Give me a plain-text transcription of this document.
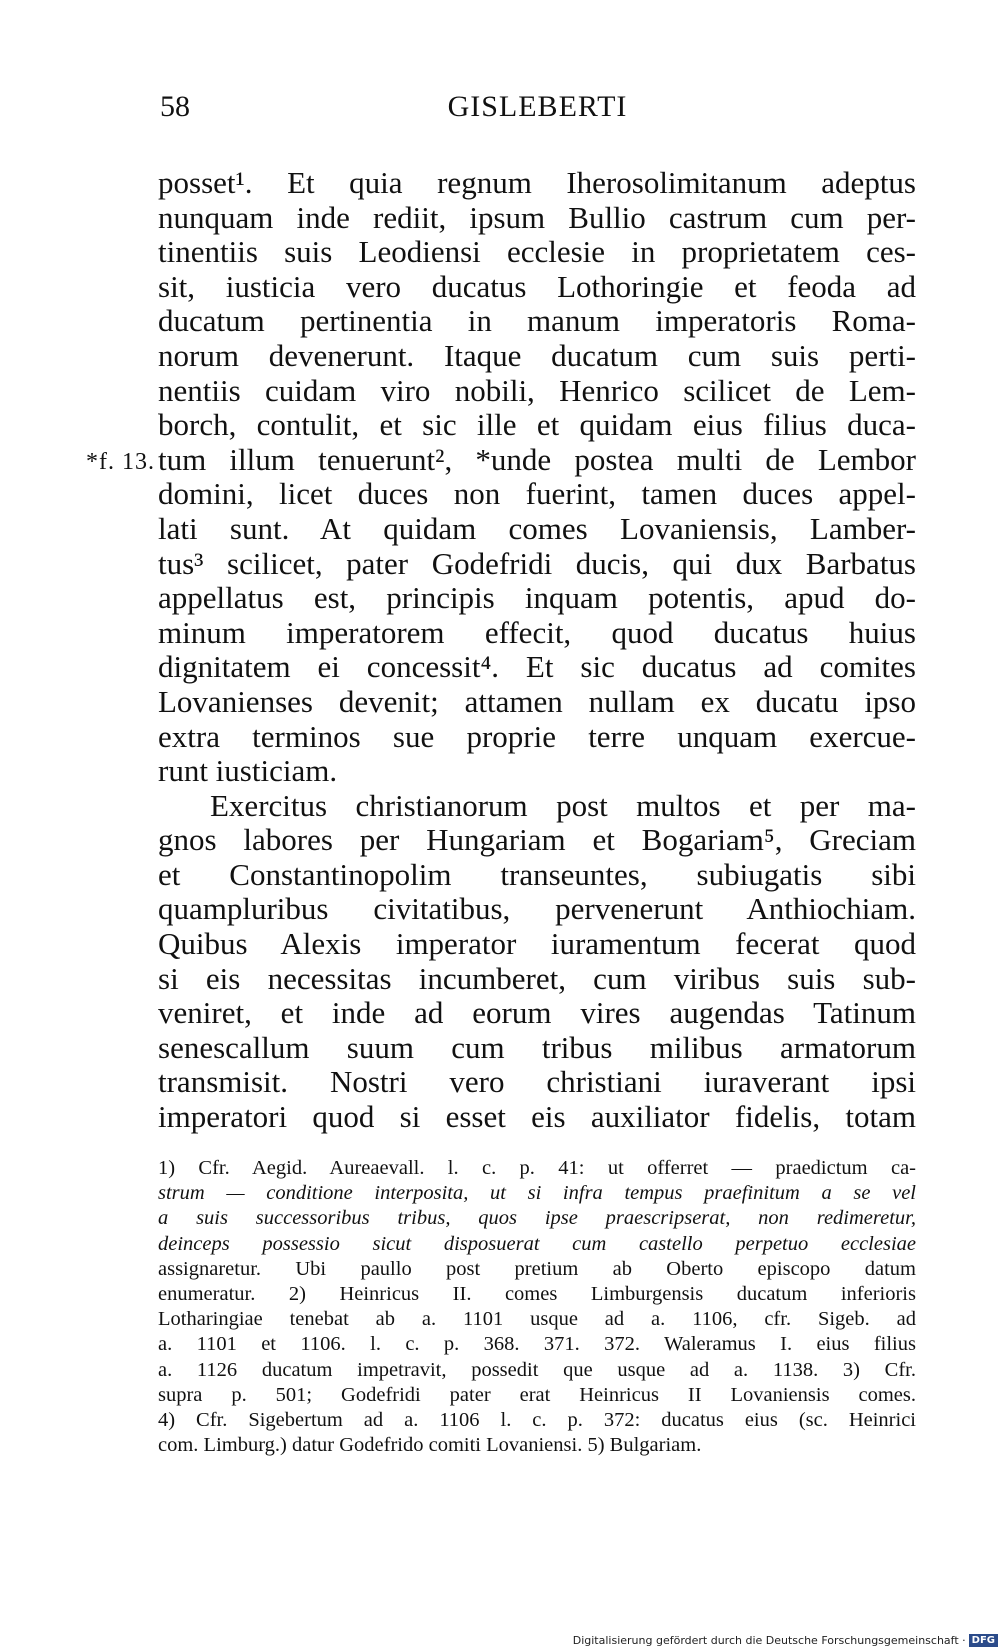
58	GISLEBERTI
posset¹. Et quia regnum Iherosolimitanum adeptus
nunquam inde rediit, ipsum Bullio castrum cum per-
tinentiis suis Leodiensi ecclesie in proprietatem ces-
sit, iusticia vero ducatus Lothoringie et feoda ad
ducatum pertinentia in manum imperatoris Roma-
norum devenerunt. Itaque ducatum cum suis perti-
nentiis cuidam viro nobili, Henrico scilicet de Lem-
borch, contulit, et sic ille et quidam eius filius duca-
*f. 13. tum illum tenuerunt², *unde postea multi de Lembor
domini, licet duces non fuerint, tamen duces appel-
lati sunt. At quidam comes Lovaniensis, Lamber-
tus³ scilicet, pater Godefridi ducis, qui dux Barbatus
appellatus est, principis inquam potentis, apud do-
minum imperatorem effecit, quod ducatus huius
dignitatem ei concessit⁴. Et sic ducatus ad comites
Lovanienses devenit; attamen nullam ex ducatu ipso
extra terminos sue proprie terre unquam exercue-
runt iusticiam.
Exercitus christianorum post multos et per ma-
gnos labores per Hungariam et Bogariam⁵, Greciam
et Constantinopolim transeuntes, subiugatis sibi
quampluribus civitatibus, pervenerunt Anthiochiam.
Quibus Alexis imperator iuramentum fecerat quod
si eis necessitas incumberet, cum viribus suis sub-
veniret, et inde ad eorum vires augendas Tatinum
senescallum suum cum tribus milibus armatorum
transmisit. Nostri vero christiani iuraverant ipsi
imperatori quod si esset eis auxiliator fidelis, totam
1) Cfr. Aegid. Aureaevall. l. c. p. 41: ut offerret — praedictum ca-
strum — conditione interposita, ut si infra tempus praefinitum a se vel
a suis successoribus tribus, quos ipse praescripserat, non redimeretur,
deinceps possessio sicut disposuerat cum castello perpetuo ecclesiae
assignaretur. Ubi paullo post pretium ab Oberto episcopo datum
enumeratur. 2) Heinricus II. comes Limburgensis ducatum inferioris
Lotharingiae tenebat ab a. 1101 usque ad a. 1106, cfr. Sigeb. ad
a. 1101 et 1106. l. c. p. 368. 371. 372. Waleramus I. eius filius
a. 1126 ducatum impetravit, possedit que usque ad a. 1138. 3) Cfr.
supra p. 501; Godefridi pater erat Heinricus II Lovaniensis comes.
4) Cfr. Sigebertum ad a. 1106 l. c. p. 372: ducatus eius (sc. Heinrici
com. Limburg.) datur Godefrido comiti Lovaniensi. 5) Bulgariam.
Digitalisierung gefördert durch die Deutsche Forschungsgemeinschaft · DFG
